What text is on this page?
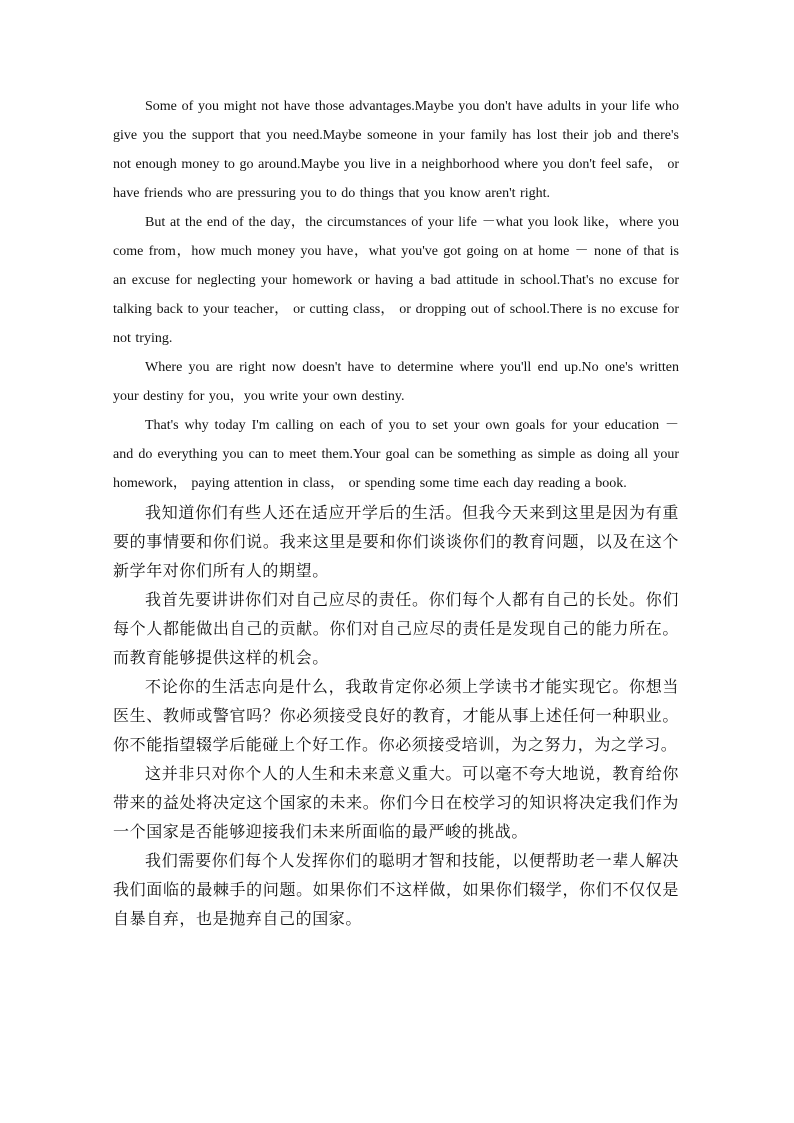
Some of you might not have those advantages.Maybe you don't have adults in your life who give you the support that you need.Maybe someone in your family has lost their job and there's not enough money to go around.Maybe you live in a neighborhood where you don't feel safe， or have friends who are pressuring you to do things that you know aren't right.

But at the end of the day，the circumstances of your life －what you look like，where you come from，how much money you have，what you've got going on at home － none of that is an excuse for neglecting your homework or having a bad attitude in school.That's no excuse for talking back to your teacher， or cutting class， or dropping out of school.There is no excuse for not trying.

Where you are right now doesn't have to determine where you'll end up.No one's written your destiny for you，you write your own destiny.

That's why today I'm calling on each of you to set your own goals for your education － and do everything you can to meet them.Your goal can be something as simple as doing all your homework， paying attention in class， or spending some time each day reading a book.

我知道你们有些人还在适应开学后的生活。但我今天来到这里是因为有重要的事情要和你们说。我来这里是要和你们谈谈你们的教育问题，以及在这个新学年对你们所有人的期望。

我首先要讲讲你们对自己应尽的责任。你们每个人都有自己的长处。你们每个人都能做出自己的贡献。你们对自己应尽的责任是发现自己的能力所在。而教育能够提供这样的机会。

不论你的生活志向是什么，我敢肯定你必须上学读书才能实现它。你想当医生、教师或警官吗？你必须接受良好的教育，才能从事上述任何一种职业。你不能指望辍学后能碰上个好工作。你必须接受培训，为之努力，为之学习。

这并非只对你个人的人生和未来意义重大。可以毫不夸大地说，教育给你带来的益处将决定这个国家的未来。你们今日在校学习的知识将决定我们作为一个国家是否能够迎接我们未来所面临的最严峻的挑战。

我们需要你们每个人发挥你们的聪明才智和技能，以便帮助老一辈人解决我们面临的最棘手的问题。如果你们不这样做，如果你们辍学，你们不仅仅是自暴自弃，也是抛弃自己的国家。
